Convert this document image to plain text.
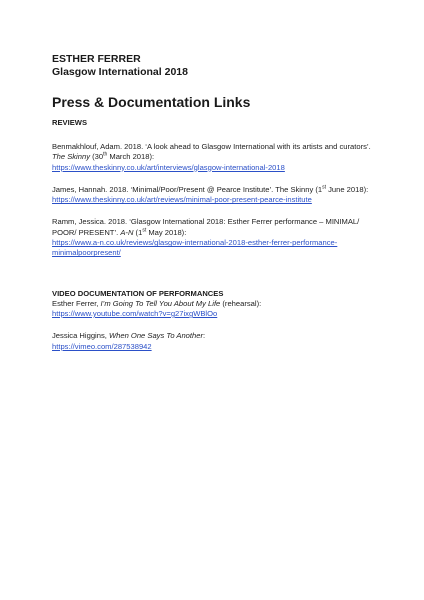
ESTHER FERRER
Glasgow International 2018
Press & Documentation Links
REVIEWS
Benmakhlouf, Adam. 2018. ‘A look ahead to Glasgow International with its artists and curators’. The Skinny (30th March 2018):
https://www.theskinny.co.uk/art/interviews/glasgow-international-2018
James, Hannah. 2018. ‘Minimal/Poor/Present @ Pearce Institute’. The Skinny (1st June 2018): https://www.theskinny.co.uk/art/reviews/minimal-poor-present-pearce-institute
Ramm, Jessica. 2018. ‘Glasgow International 2018: Esther Ferrer performance – MINIMAL/ POOR/ PRESENT’. A-N (1st May 2018):
https://www.a-n.co.uk/reviews/glasgow-international-2018-esther-ferrer-performance-
minimalpoorpresent/
VIDEO DOCUMENTATION OF PERFORMANCES
Esther Ferrer, I’m Going To Tell You About My Life (rehearsal):
https://www.youtube.com/watch?v=g27ixgWBlOo
Jessica Higgins, When One Says To Another:
https://vimeo.com/287538942
